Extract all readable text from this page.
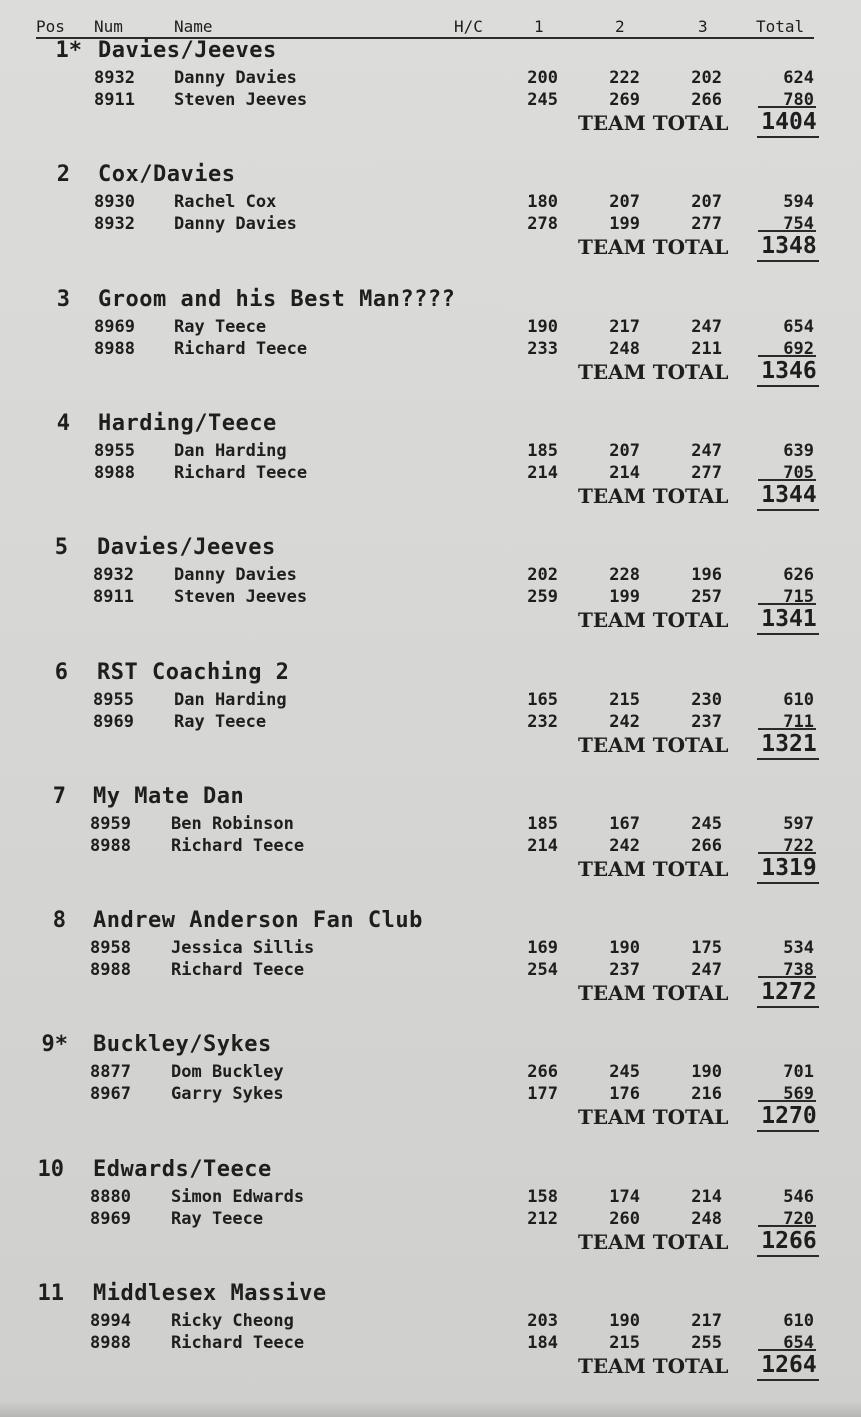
Pos Num	Name	H/C	1	2	3	Total
1* Davies/Jeeves
8932 Danny Davies	200	222	202	624
8911 Steven Jeeves	245	269	266	780
TEAM TOTAL 1404
2 Cox/Davies
8930 Rachel Cox	180	207	207	594
8932 Danny Davies	278	199	277	754
TEAM TOTAL 1348
3 Groom and his Best Man????
8969 Ray Teece	190	217	247	654
8988 Richard Teece	233	248	211	692
TEAM TOTAL 1346
4 Harding/Teece
8955 Dan Harding	185	207	247	639
8988 Richard Teece	214	214	277	705
TEAM TOTAL 1344
5 Davies/Jeeves
8932 Danny Davies	202	228	196	626
8911 Steven Jeeves	259	199	257	715
TEAM TOTAL 1341
6 RST Coaching 2
8955 Dan Harding	165	215	230	610
8969 Ray Teece	232	242	237	711
TEAM TOTAL 1321
7 My Mate Dan
8959 Ben Robinson	185	167	245	597
8988 Richard Teece	214	242	266	722
TEAM TOTAL 1319
8 Andrew Anderson Fan Club
8958 Jessica Sillis	169	190	175	534
8988 Richard Teece	254	237	247	738
TEAM TOTAL 1272
9* Buckley/Sykes
8877 Dom Buckley	266	245	190	701
8967 Garry Sykes	177	176	216	569
TEAM TOTAL 1270
10 Edwards/Teece
8880 Simon Edwards	158	174	214	546
8969 Ray Teece	212	260	248	720
TEAM TOTAL 1266
11 Middlesex Massive
8994 Ricky Cheong	203	190	217	610
8988 Richard Teece	184	215	255	654
TEAM TOTAL 1264
